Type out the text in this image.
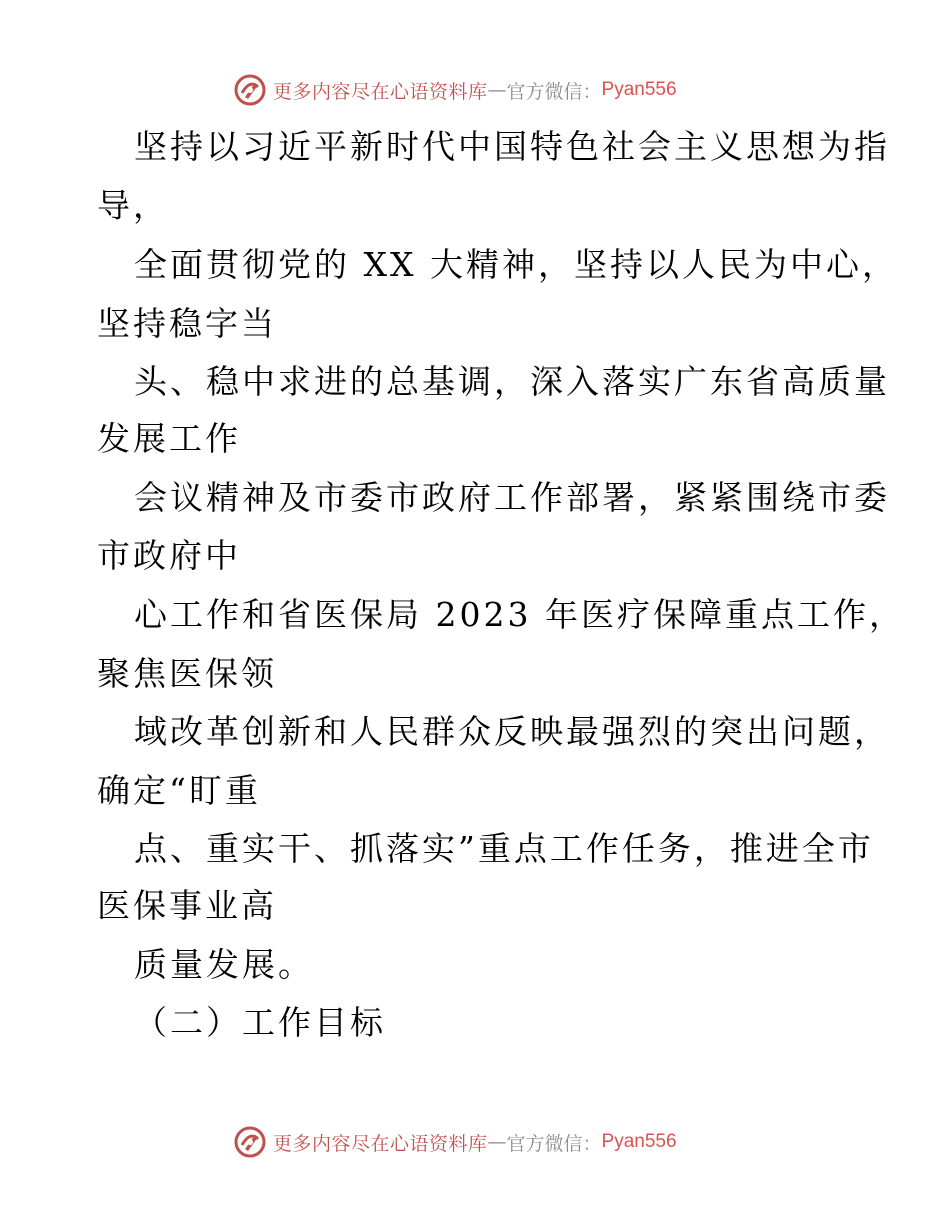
更多内容尽在心语资料库 — 官方微信： Pyan556
坚持以习近平新时代中国特色社会主义思想为指
导，
全面贯彻党的 XX 大精神，坚持以人民为中心，
坚持稳字当
头、稳中求进的总基调，深入落实广东省高质量
发展工作
会议精神及市委市政府工作部署，紧紧围绕市委
市政府中
心工作和省医保局 2023 年医疗保障重点工作，
聚焦医保领
域改革创新和人民群众反映最强烈的突出问题，
确定“盯重
点、重实干、抓落实”重点工作任务，推进全市
医保事业高
质量发展。
（二）工作目标
更多内容尽在心语资料库 — 官方微信： Pyan556
